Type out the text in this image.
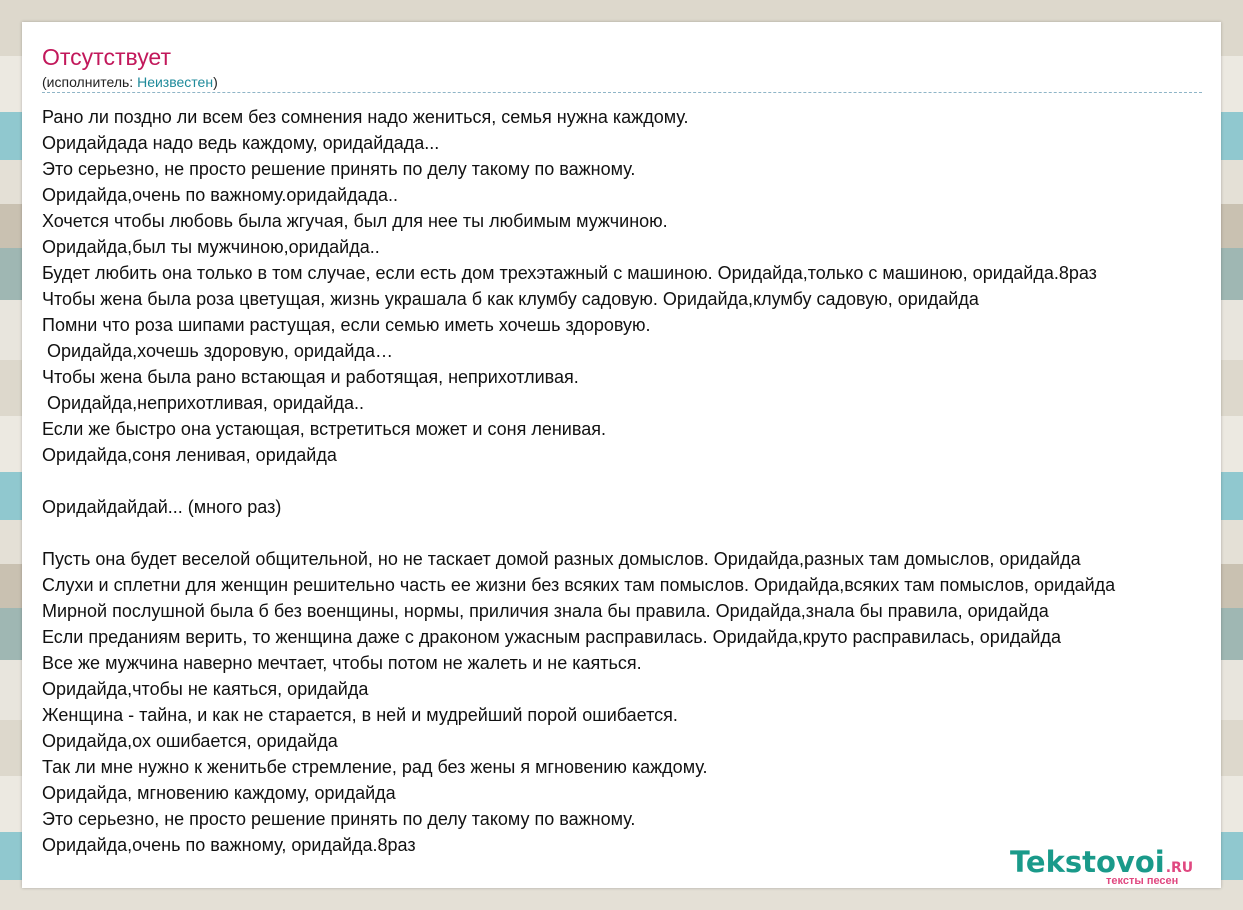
Отсутствует
(исполнитель: Неизвестен)
Рано ли поздно ли всем без сомнения надо жениться, семья нужна каждому.
Оридайдада надо ведь каждому, оридайдада...
Это серьезно, не просто решение принять по делу такому по важному.
Оридайда,очень по важному.оридайдада..
Хочется чтобы любовь была жгучая, был для нее ты любимым мужчиною.
Оридайда,был ты мужчиною,оридайда..
Будет любить она только в том случае, если есть дом трехэтажный с машиною. Оридайда,только с машиною, оридайда.8раз
Чтобы жена была роза цветущая, жизнь украшала б как клумбу садовую. Оридайда,клумбу садовую, оридайда
Помни что роза шипами растущая, если семью иметь хочешь здоровую.
Оридайда,хочешь здоровую, оридайда…
Чтобы жена была рано встающая и работящая, неприхотливая.
Оридайда,неприхотливая, оридайда..
Если же быстро она устающая, встретиться может и соня ленивая.
Оридайда,соня ленивая, оридайда
Оридайдайдай... (много раз)
Пусть она будет веселой общительной, но не таскает домой разных домыслов. Оридайда,разных там домыслов, оридайда
Слухи и сплетни для женщин решительно часть ее жизни без всяких там помыслов. Оридайда,всяких там помыслов, оридайда
Мирной послушной была б без военщины, нормы, приличия знала бы правила. Оридайда,знала бы правила, оридайда
Если преданиям верить, то женщина даже с драконом ужасным расправилась. Оридайда,круто расправилась, оридайда
Все же мужчина наверно мечтает, чтобы потом не жалеть и не каяться.
Оридайда,чтобы не каяться, оридайда
Женщина - тайна, и как не старается, в ней и мудрейший порой ошибается.
Оридайда,ох ошибается, оридайда
Так ли мне нужно к женитьбе стремление, рад без жены я мгновению каждому.
Оридайда, мгновению каждому, оридайда
Это серьезно, не просто решение принять по делу такому по важному.
Оридайда,очень по важному, оридайда.8раз	Tekstovoi.RU
тексты песен
